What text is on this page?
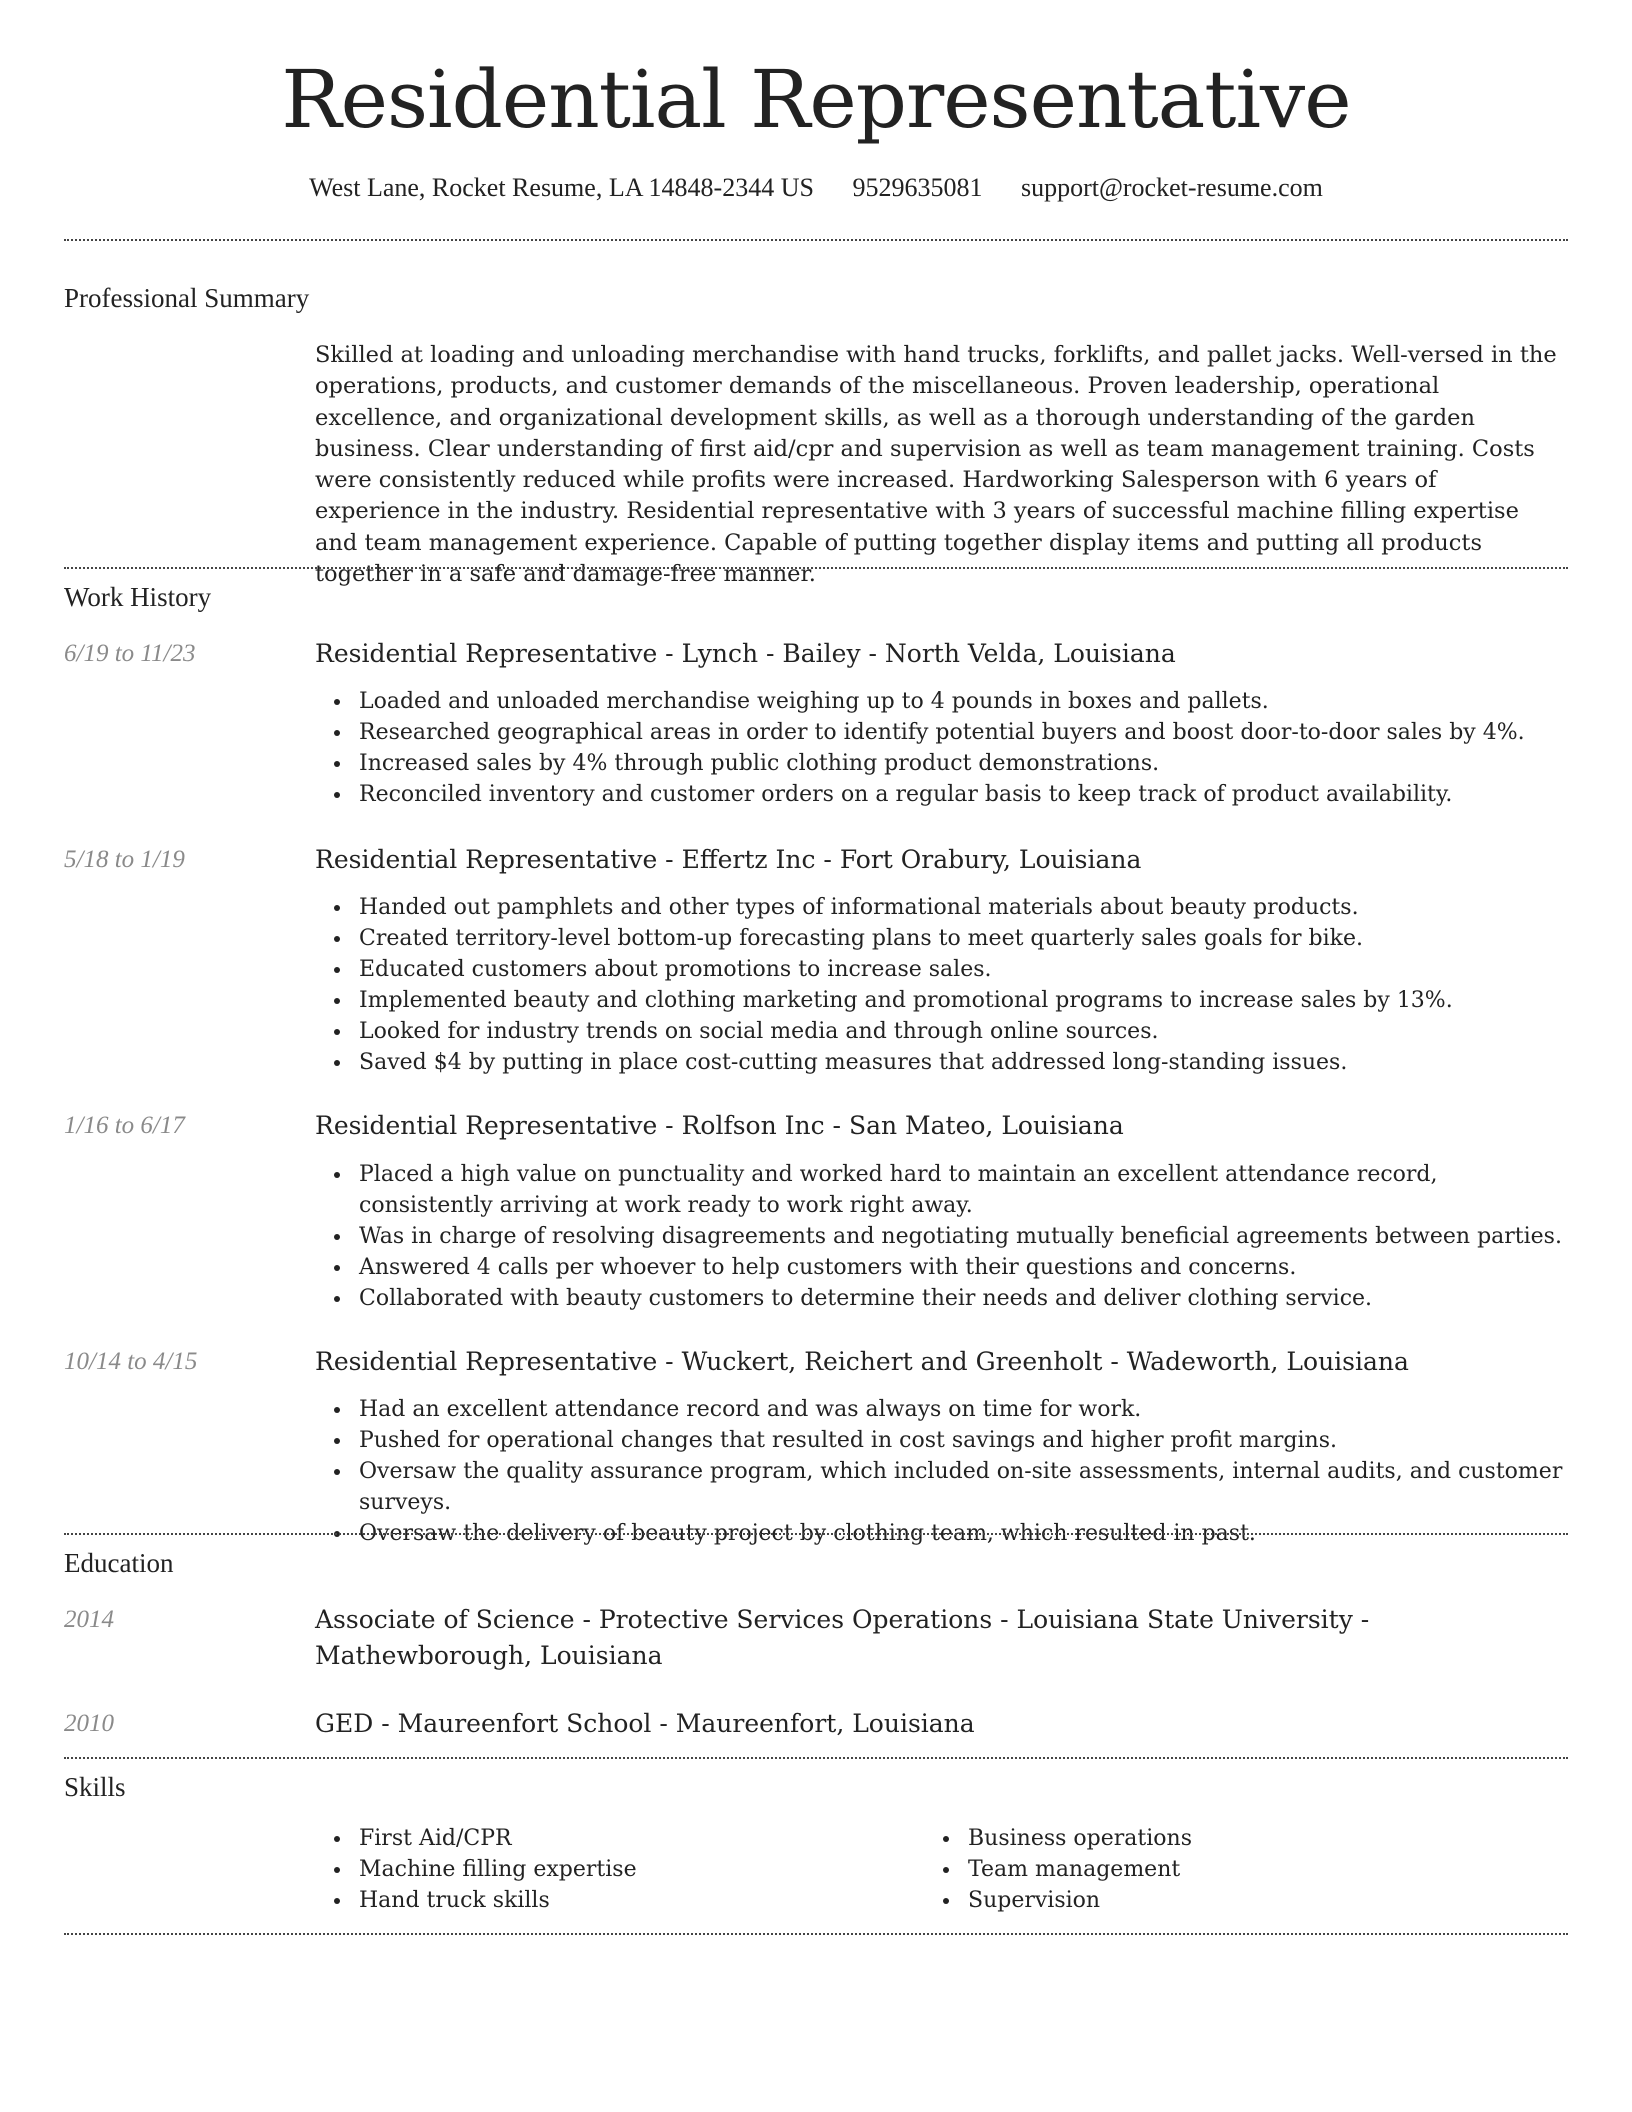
Residential Representative
West Lane, Rocket Resume, LA 14848-2344 US 9529635081 support@rocket-resume.com
Professional Summary
Skilled at loading and unloading merchandise with hand trucks, forklifts, and pallet jacks. Well-versed in the operations, products, and customer demands of the miscellaneous. Proven leadership, operational excellence, and organizational development skills, as well as a thorough understanding of the garden business. Clear understanding of first aid/cpr and supervision as well as team management training. Costs were consistently reduced while profits were increased. Hardworking Salesperson with 6 years of experience in the industry. Residential representative with 3 years of successful machine filling expertise and team management experience. Capable of putting together display items and putting all products together in a safe and damage-free manner.
Work History
6/19 to 11/23	Residential Representative - Lynch - Bailey - North Velda, Louisiana
Loaded and unloaded merchandise weighing up to 4 pounds in boxes and pallets.
Researched geographical areas in order to identify potential buyers and boost door-to-door sales by 4%.
Increased sales by 4% through public clothing product demonstrations.
Reconciled inventory and customer orders on a regular basis to keep track of product availability.
5/18 to 1/19	Residential Representative - Effertz Inc - Fort Orabury, Louisiana
Handed out pamphlets and other types of informational materials about beauty products.
Created territory-level bottom-up forecasting plans to meet quarterly sales goals for bike.
Educated customers about promotions to increase sales.
Implemented beauty and clothing marketing and promotional programs to increase sales by 13%.
Looked for industry trends on social media and through online sources.
Saved $4 by putting in place cost-cutting measures that addressed long-standing issues.
1/16 to 6/17	Residential Representative - Rolfson Inc - San Mateo, Louisiana
Placed a high value on punctuality and worked hard to maintain an excellent attendance record, consistently arriving at work ready to work right away.
Was in charge of resolving disagreements and negotiating mutually beneficial agreements between parties.
Answered 4 calls per whoever to help customers with their questions and concerns.
Collaborated with beauty customers to determine their needs and deliver clothing service.
10/14 to 4/15	Residential Representative - Wuckert, Reichert and Greenholt - Wadeworth, Louisiana
Had an excellent attendance record and was always on time for work.
Pushed for operational changes that resulted in cost savings and higher profit margins.
Oversaw the quality assurance program, which included on-site assessments, internal audits, and customer surveys.
Oversaw the delivery of beauty project by clothing team, which resulted in past.
Education
2014	Associate of Science - Protective Services Operations - Louisiana State University - Mathewborough, Louisiana
2010	GED - Maureenfort School - Maureenfort, Louisiana
Skills
First Aid/CPR
Machine filling expertise
Hand truck skills
Business operations
Team management
Supervision
